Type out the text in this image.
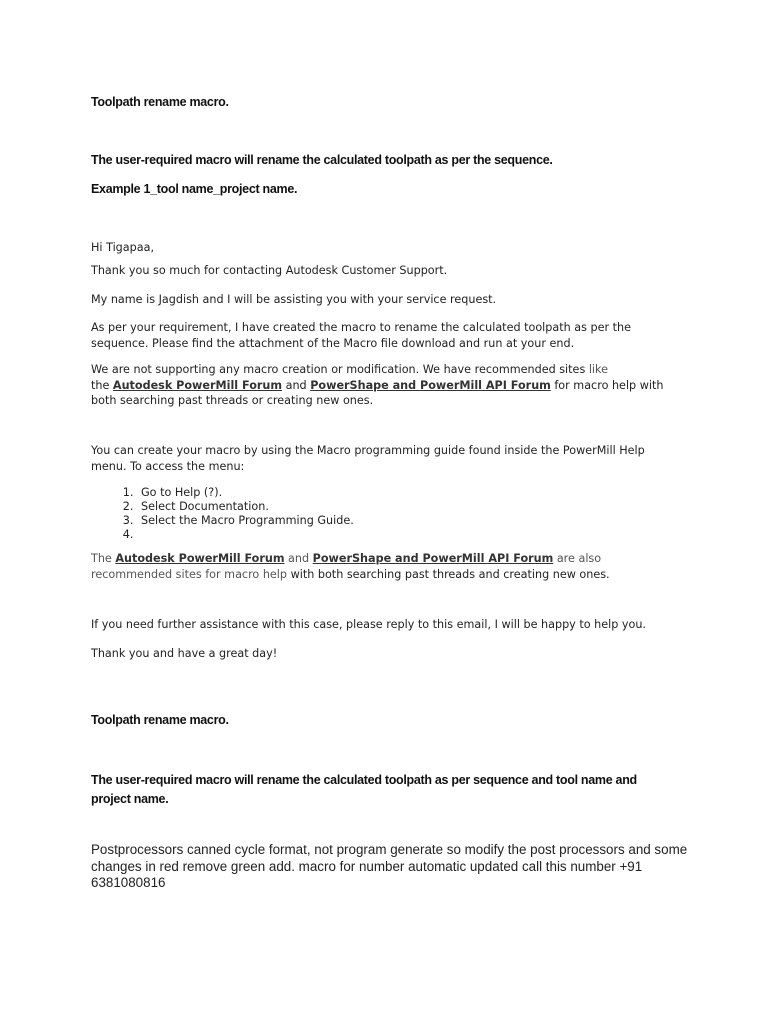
Toolpath rename macro.

The user-required macro will rename the calculated toolpath as per the sequence.

Example 1_tool name_project name.

Hi Tigapaa,

Thank you so much for contacting Autodesk Customer Support.

My name is Jagdish and I will be assisting you with your service request.

As per your requirement, I have created the macro to rename the calculated toolpath as per the sequence. Please find the attachment of the Macro file download and run at your end.

We are not supporting any macro creation or modification. We have recommended sites like
the Autodesk PowerMill Forum and PowerShape and PowerMill API Forum for macro help with both searching past threads or creating new ones.

You can create your macro by using the Macro programming guide found inside the PowerMill Help menu. To access the menu:

1. Go to Help (?).
2. Select Documentation.
3. Select the Macro Programming Guide.
4.

The Autodesk PowerMill Forum and PowerShape and PowerMill API Forum are also
recommended sites for macro help with both searching past threads and creating new ones.

If you need further assistance with this case, please reply to this email, I will be happy to help you.

Thank you and have a great day!

Toolpath rename macro.

The user-required macro will rename the calculated toolpath as per sequence and tool name and project name.

Postprocessors canned cycle format, not program generate so modify the post processors and some changes in red remove green add. macro for number automatic updated call this number +91 6381080816
